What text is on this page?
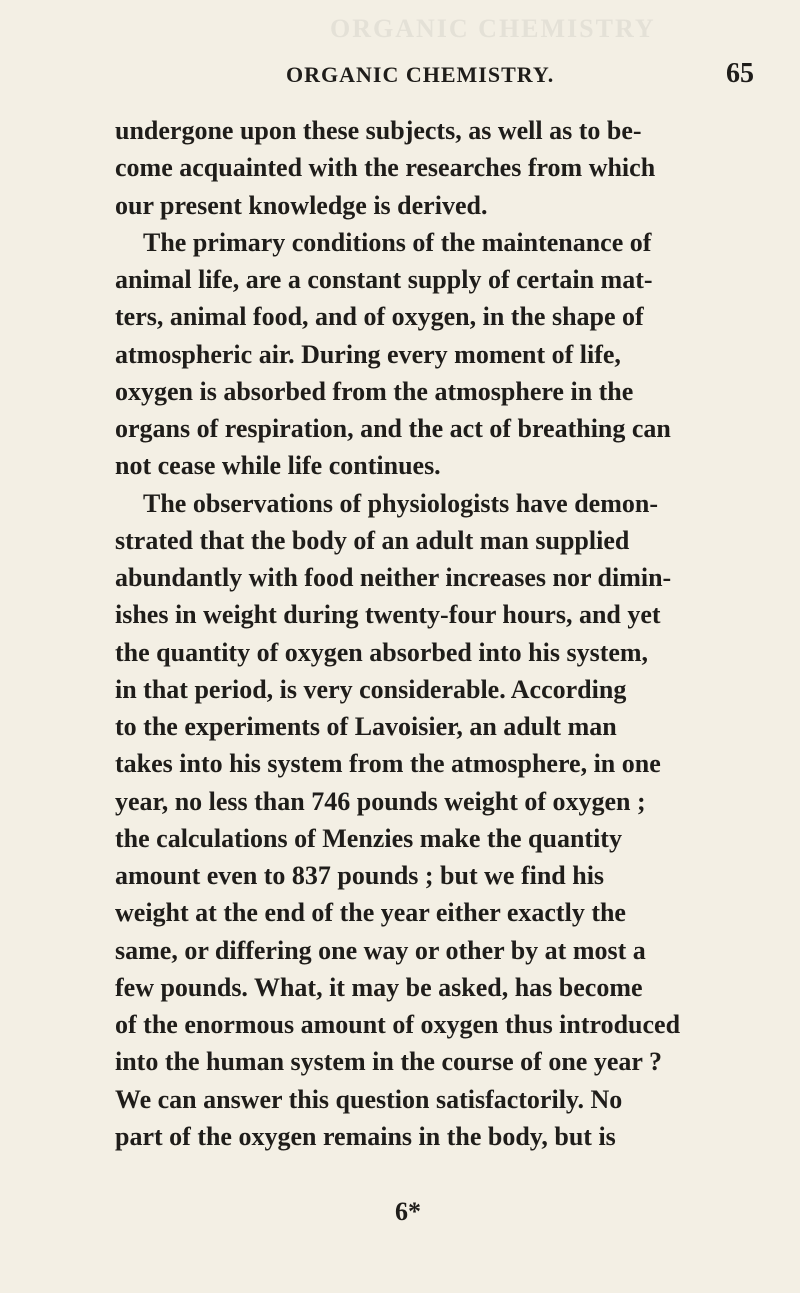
ORGANIC CHEMISTRY
ORGANIC CHEMISTRY.	65
undergone upon these subjects, as well as to be-
come acquainted with the researches from which
our present knowledge is derived.
The primary conditions of the maintenance of
animal life, are a constant supply of certain mat-
ters, animal food, and of oxygen, in the shape of
atmospheric air. During every moment of life,
oxygen is absorbed from the atmosphere in the
organs of respiration, and the act of breathing can
not cease while life continues.
The observations of physiologists have demon-
strated that the body of an adult man supplied
abundantly with food neither increases nor dimin-
ishes in weight during twenty-four hours, and yet
the quantity of oxygen absorbed into his system,
in that period, is very considerable. According
to the experiments of Lavoisier, an adult man
takes into his system from the atmosphere, in one
year, no less than 746 pounds weight of oxygen ;
the calculations of Menzies make the quantity
amount even to 837 pounds ; but we find his
weight at the end of the year either exactly the
same, or differing one way or other by at most a
few pounds. What, it may be asked, has become
of the enormous amount of oxygen thus introduced
into the human system in the course of one year ?
We can answer this question satisfactorily. No
part of the oxygen remains in the body, but is
6*
